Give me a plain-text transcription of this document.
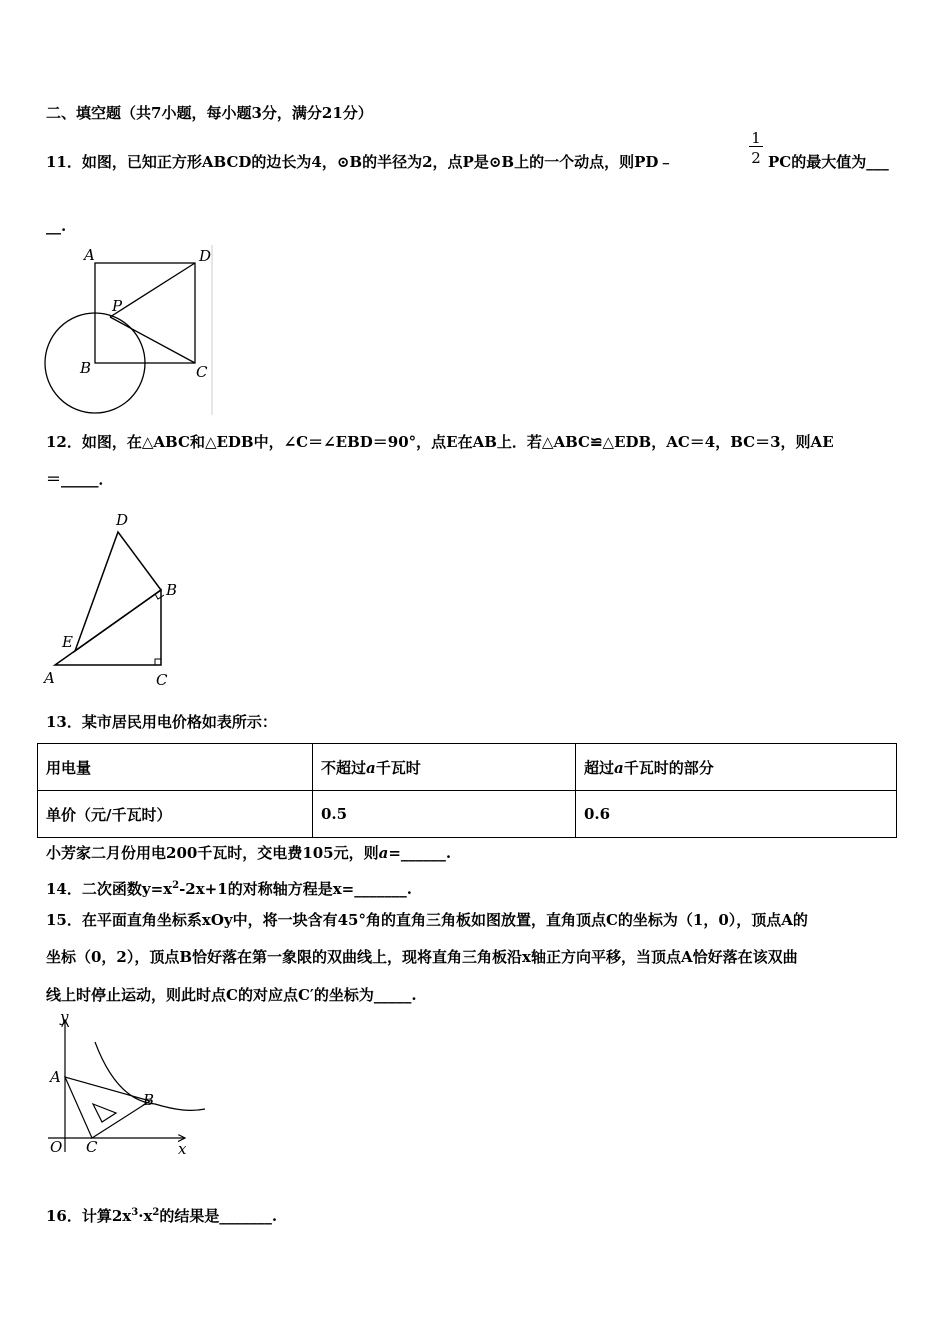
二、填空题（共7小题，每小题3分，满分21分）
11．如图，已知正方形ABCD的边长为4，⊙B的半径为2，点P是⊙B上的一个动点，则PD﹣
1
2 PC的最大值为___
__.
A	D
P
B	C
12．如图，在△ABC和△EDB中，∠C＝∠EBD＝90°，点E在AB上．若△ABC≌△EDB，AC＝4，BC＝3，则AE
＝_____．
D
B
E
A	C
13．某市居民用电价格如表所示：
用电量	不超过a千瓦时	超过a千瓦时的部分
单价（元/千瓦时）	0.5	0.6
小芳家二月份用电200千瓦时，交电费105元，则a=______.
14．二次函数$y=x^2-2x+1$的对称轴方程是x=_______.
15．在平面直角坐标系xOy中，将一块含有45°角的直角三角板如图放置，直角顶点C的坐标为（1，0），顶点A的
坐标（0，2），顶点B恰好落在第一象限的双曲线上，现将直角三角板沿x轴正方向平移，当顶点A恰好落在该双曲
线上时停止运动，则此时点C的对应点C′的坐标为_____.
y
x
O
A
B
C
16．计算$2x^3\cdot x^2$的结果是_______.
